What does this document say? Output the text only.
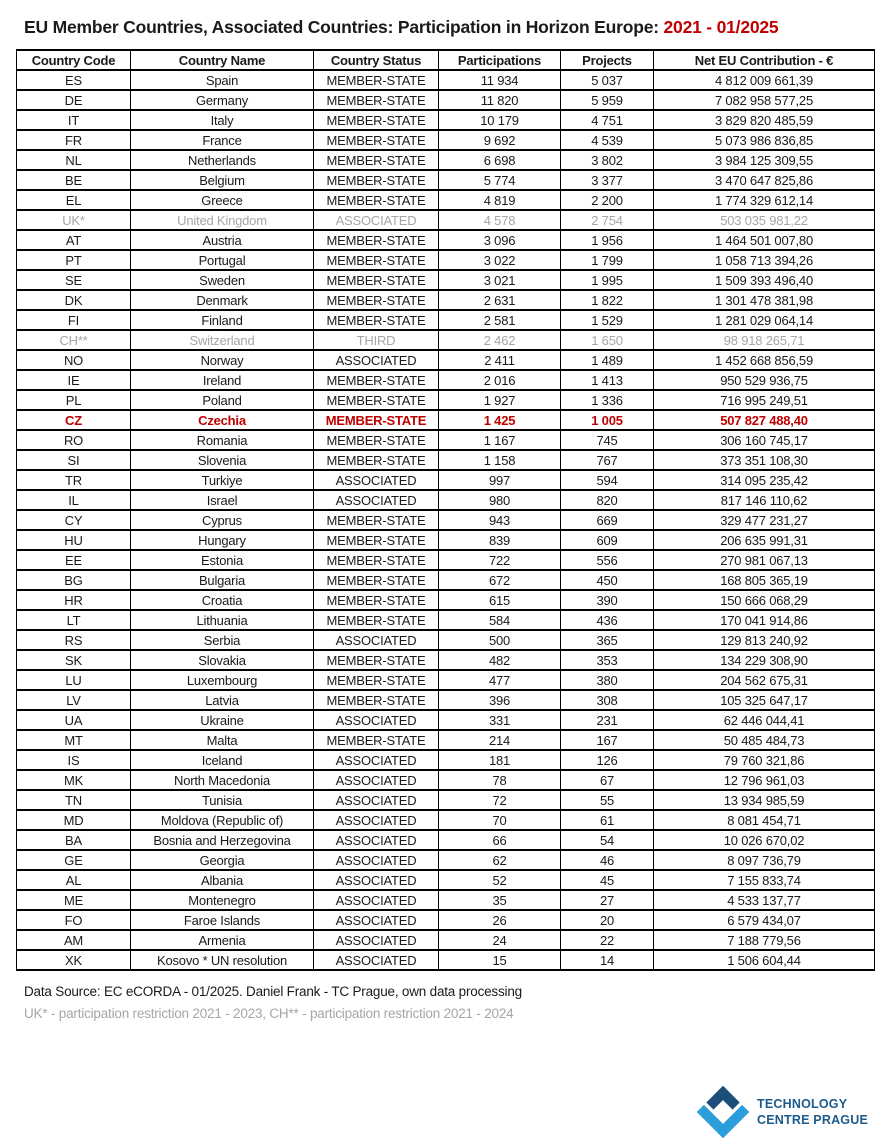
EU Member Countries, Associated Countries: Participation in Horizon Europe: 2021 - 01/2025
Country Code	Country Name	Country Status	Participations	Projects	Net EU Contribution - €
ES	Spain	MEMBER-STATE	11 934	5 037	4 812 009 661,39
DE	Germany	MEMBER-STATE	11 820	5 959	7 082 958 577,25
IT	Italy	MEMBER-STATE	10 179	4 751	3 829 820 485,59
FR	France	MEMBER-STATE	9 692	4 539	5 073 986 836,85
NL	Netherlands	MEMBER-STATE	6 698	3 802	3 984 125 309,55
BE	Belgium	MEMBER-STATE	5 774	3 377	3 470 647 825,86
EL	Greece	MEMBER-STATE	4 819	2 200	1 774 329 612,14
UK*	United Kingdom	ASSOCIATED	4 578	2 754	503 035 981,22
AT	Austria	MEMBER-STATE	3 096	1 956	1 464 501 007,80
PT	Portugal	MEMBER-STATE	3 022	1 799	1 058 713 394,26
SE	Sweden	MEMBER-STATE	3 021	1 995	1 509 393 496,40
DK	Denmark	MEMBER-STATE	2 631	1 822	1 301 478 381,98
FI	Finland	MEMBER-STATE	2 581	1 529	1 281 029 064,14
CH**	Switzerland	THIRD	2 462	1 650	98 918 265,71
NO	Norway	ASSOCIATED	2 411	1 489	1 452 668 856,59
IE	Ireland	MEMBER-STATE	2 016	1 413	950 529 936,75
PL	Poland	MEMBER-STATE	1 927	1 336	716 995 249,51
CZ	Czechia	MEMBER-STATE	1 425	1 005	507 827 488,40
RO	Romania	MEMBER-STATE	1 167	745	306 160 745,17
SI	Slovenia	MEMBER-STATE	1 158	767	373 351 108,30
TR	Turkiye	ASSOCIATED	997	594	314 095 235,42
IL	Israel	ASSOCIATED	980	820	817 146 110,62
CY	Cyprus	MEMBER-STATE	943	669	329 477 231,27
HU	Hungary	MEMBER-STATE	839	609	206 635 991,31
EE	Estonia	MEMBER-STATE	722	556	270 981 067,13
BG	Bulgaria	MEMBER-STATE	672	450	168 805 365,19
HR	Croatia	MEMBER-STATE	615	390	150 666 068,29
LT	Lithuania	MEMBER-STATE	584	436	170 041 914,86
RS	Serbia	ASSOCIATED	500	365	129 813 240,92
SK	Slovakia	MEMBER-STATE	482	353	134 229 308,90
LU	Luxembourg	MEMBER-STATE	477	380	204 562 675,31
LV	Latvia	MEMBER-STATE	396	308	105 325 647,17
UA	Ukraine	ASSOCIATED	331	231	62 446 044,41
MT	Malta	MEMBER-STATE	214	167	50 485 484,73
IS	Iceland	ASSOCIATED	181	126	79 760 321,86
MK	North Macedonia	ASSOCIATED	78	67	12 796 961,03
TN	Tunisia	ASSOCIATED	72	55	13 934 985,59
MD	Moldova (Republic of)	ASSOCIATED	70	61	8 081 454,71
BA	Bosnia and Herzegovina	ASSOCIATED	66	54	10 026 670,02
GE	Georgia	ASSOCIATED	62	46	8 097 736,79
AL	Albania	ASSOCIATED	52	45	7 155 833,74
ME	Montenegro	ASSOCIATED	35	27	4 533 137,77
FO	Faroe Islands	ASSOCIATED	26	20	6 579 434,07
AM	Armenia	ASSOCIATED	24	22	7 188 779,56
XK	Kosovo * UN resolution	ASSOCIATED	15	14	1 506 604,44
Data Source: EC eCORDA - 01/2025. Daniel Frank - TC Prague, own data processing
UK* - participation restriction 2021 - 2023, CH** - participation restriction 2021 - 2024
TECHNOLOGY
CENTRE PRAGUE
